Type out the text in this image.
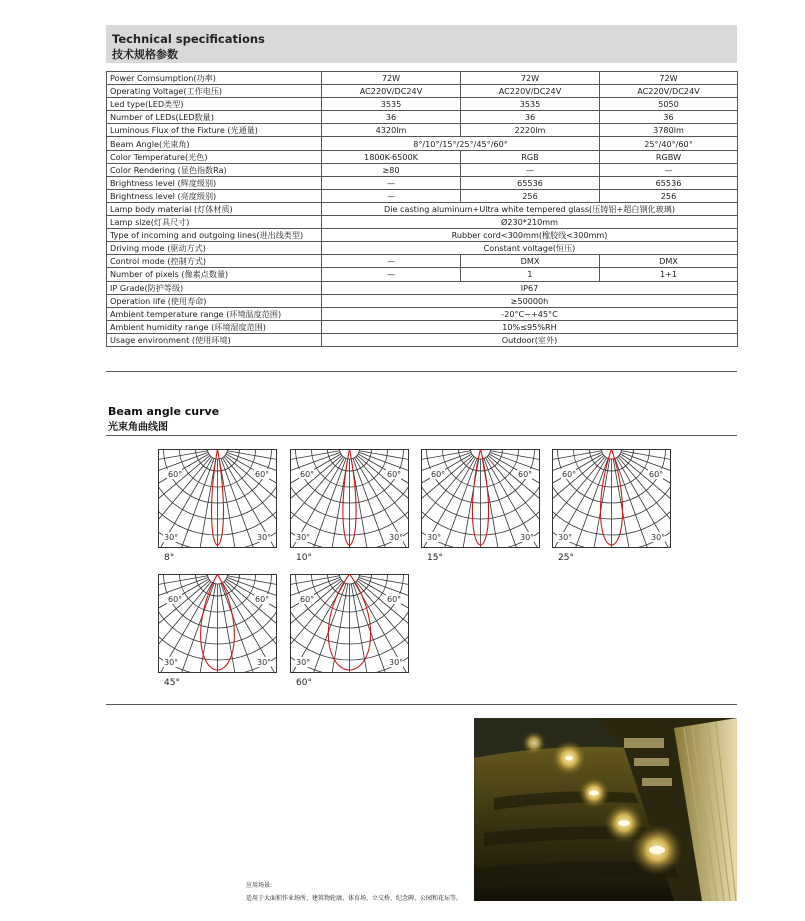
Technical specifications
技术规格参数
Power Comsumption(功率)	72W	72W	72W
Operating Voltage(工作电压)	AC220V/DC24V	AC220V/DC24V	AC220V/DC24V
Led type(LED类型)	3535	3535	5050
Number of LEDs(LED数量)	36	36	36
Luminous Flux of the Fixture (光通量)	4320lm	2220lm	3780lm
Beam Angle(光束角)	8°/10°/15°/25°/45°/60°		25°/40°/60°
Color Temperature(光色)	1800K-6500K	RGB	RGBW
Color Rendering (显色指数Ra)	≥80	—	—
Brightness level (辉度级别)	—	65536	65536
Brightness level (亮度级别)	—	256	256
Lamp body material (灯体材质)	Die casting aluminum+Ultra white tempered glass(压铸铝+超白钢化玻璃)		
Lamp size(灯具尺寸)	Ø230*210mm		
Type of incoming and outgoing lines(进出线类型)	Rubber cord<300mm(橡胶线<300mm)		
Driving mode (驱动方式)	Constant voltage(恒压)		
Control mode (控制方式)	—	DMX	DMX
Number of pixels (像素点数量)	—	1	1+1
IP Grade(防护等级)	IP67		
Operation life (使用寿命)	≥50000h		
Ambient temperature range (环境温度范围)	-20°C~+45°C		
Ambient humidity range (环境湿度范围)	10%≤95%RH		
Usage environment (使用环境)	Outdoor(室外)		
Beam angle curve
光束角曲线图
60°	60°
30°	30°
8°
60°	60°
30°	30°
10°
60°	60°
30°	30°
15°
60°	60°
30°	30°
25°
60°	60°
30°	30°
45°
60°	60°
30°	30°
60°
应用场景:
适用于大面积作业场所、建筑物轮廓、体育场、立交桥、纪念碑、公园和花坛等。
